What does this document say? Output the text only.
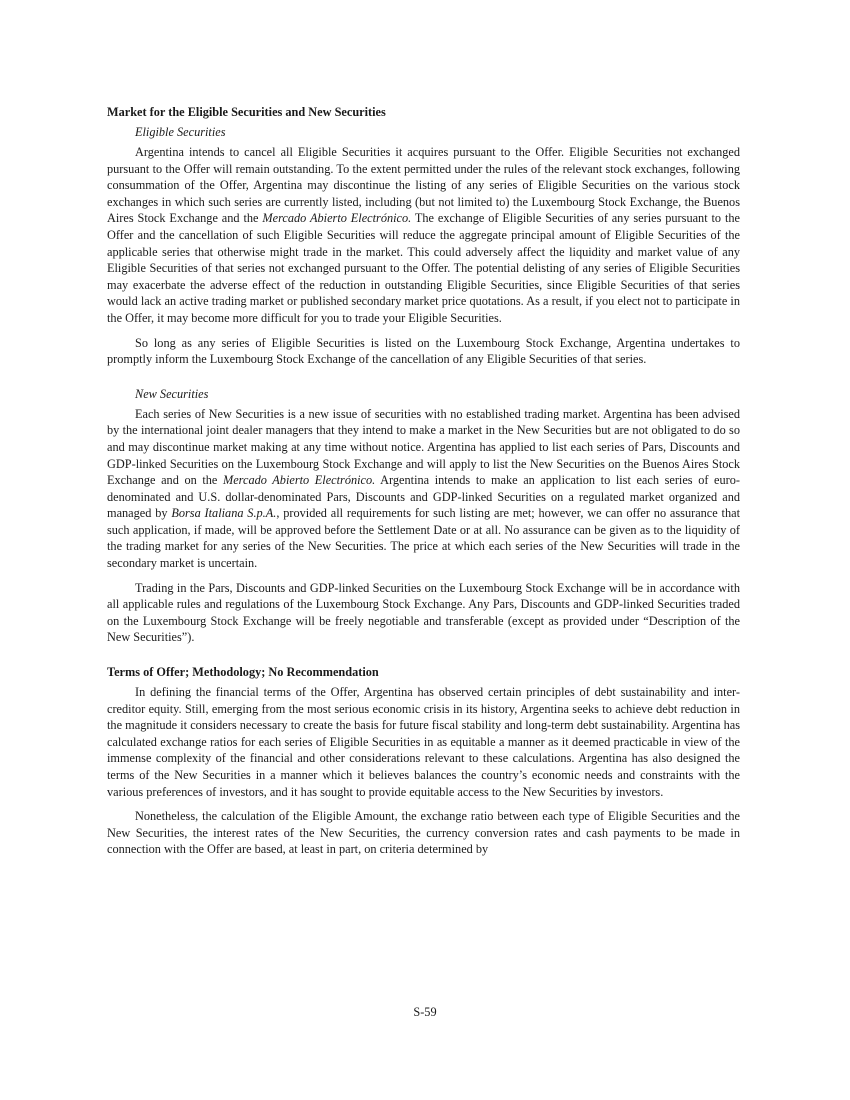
Market for the Eligible Securities and New Securities
Eligible Securities

Argentina intends to cancel all Eligible Securities it acquires pursuant to the Offer. Eligible Securities not exchanged pursuant to the Offer will remain outstanding. To the extent permitted under the rules of the relevant stock exchanges, following consummation of the Offer, Argentina may discontinue the listing of any series of Eligible Securities on the various stock exchanges in which such series are currently listed, including (but not limited to) the Luxembourg Stock Exchange, the Buenos Aires Stock Exchange and the Mercado Abierto Electrónico. The exchange of Eligible Securities of any series pursuant to the Offer and the cancellation of such Eligible Securities will reduce the aggregate principal amount of Eligible Securities of the applicable series that otherwise might trade in the market. This could adversely affect the liquidity and market value of any Eligible Securities of that series not exchanged pursuant to the Offer. The potential delisting of any series of Eligible Securities may exacerbate the adverse effect of the reduction in outstanding Eligible Securities, since Eligible Securities of that series would lack an active trading market or published secondary market price quotations. As a result, if you elect not to participate in the Offer, it may become more difficult for you to trade your Eligible Securities.

So long as any series of Eligible Securities is listed on the Luxembourg Stock Exchange, Argentina undertakes to promptly inform the Luxembourg Stock Exchange of the cancellation of any Eligible Securities of that series.

New Securities

Each series of New Securities is a new issue of securities with no established trading market. Argentina has been advised by the international joint dealer managers that they intend to make a market in the New Securities but are not obligated to do so and may discontinue market making at any time without notice. Argentina has applied to list each series of Pars, Discounts and GDP-linked Securities on the Luxembourg Stock Exchange and will apply to list the New Securities on the Buenos Aires Stock Exchange and on the Mercado Abierto Electrónico. Argentina intends to make an application to list each series of euro-denominated and U.S. dollar-denominated Pars, Discounts and GDP-linked Securities on a regulated market organized and managed by Borsa Italiana S.p.A., provided all requirements for such listing are met; however, we can offer no assurance that such application, if made, will be approved before the Settlement Date or at all. No assurance can be given as to the liquidity of the trading market for any series of the New Securities. The price at which each series of the New Securities will trade in the secondary market is uncertain.

Trading in the Pars, Discounts and GDP-linked Securities on the Luxembourg Stock Exchange will be in accordance with all applicable rules and regulations of the Luxembourg Stock Exchange. Any Pars, Discounts and GDP-linked Securities traded on the Luxembourg Stock Exchange will be freely negotiable and transferable (except as provided under “Description of the New Securities”).

Terms of Offer; Methodology; No Recommendation

In defining the financial terms of the Offer, Argentina has observed certain principles of debt sustainability and inter-creditor equity. Still, emerging from the most serious economic crisis in its history, Argentina seeks to achieve debt reduction in the magnitude it considers necessary to create the basis for future fiscal stability and long-term debt sustainability. Argentina has calculated exchange ratios for each series of Eligible Securities in as equitable a manner as it deemed practicable in view of the immense complexity of the financial and other considerations relevant to these calculations. Argentina has also designed the terms of the New Securities in a manner which it believes balances the country’s economic needs and constraints with the various preferences of investors, and it has sought to provide equitable access to the New Securities by investors.

Nonetheless, the calculation of the Eligible Amount, the exchange ratio between each type of Eligible Securities and the New Securities, the interest rates of the New Securities, the currency conversion rates and cash payments to be made in connection with the Offer are based, at least in part, on criteria determined by

S-59
